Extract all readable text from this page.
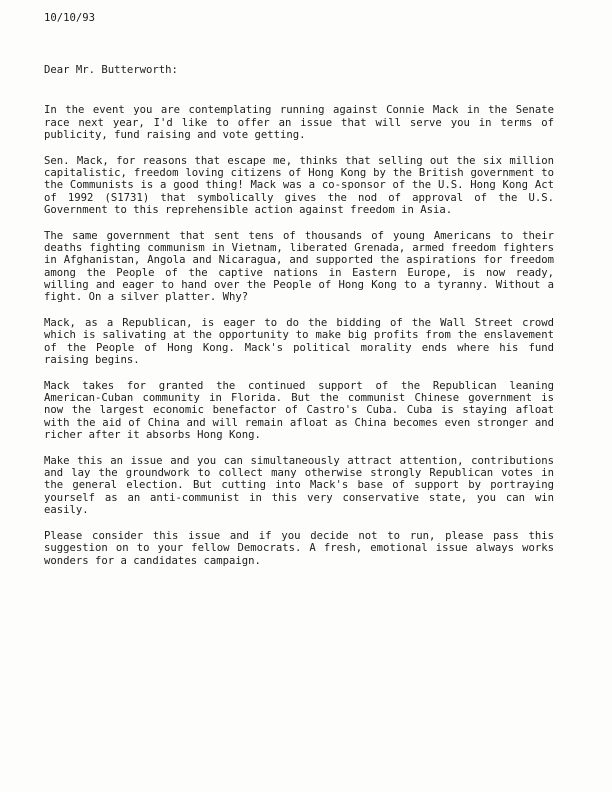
10/10/93

Dear Mr. Butterworth:

In the event you are contemplating running against Connie Mack in the Senate race next year, I'd like to offer an issue that will serve you in terms of publicity, fund raising and vote getting.

Sen. Mack, for reasons that escape me, thinks that selling out the six million capitalistic, freedom loving citizens of Hong Kong by the British government to the Communists is a good thing! Mack was a co-sponsor of the U.S. Hong Kong Act of 1992 (S1731) that symbolically gives the nod of approval of the U.S. Government to this reprehensible action against freedom in Asia.

The same government that sent tens of thousands of young Americans to their deaths fighting communism in Vietnam, liberated Grenada, armed freedom fighters in Afghanistan, Angola and Nicaragua, and supported the aspirations for freedom among the People of the captive nations in Eastern Europe, is now ready, willing and eager to hand over the People of Hong Kong to a tyranny. Without a fight. On a silver platter. Why?

Mack, as a Republican, is eager to do the bidding of the Wall Street crowd which is salivating at the opportunity to make big profits from the enslavement of the People of Hong Kong. Mack's political morality ends where his fund raising begins.

Mack takes for granted the continued support of the Republican leaning American-Cuban community in Florida. But the communist Chinese government is now the largest economic benefactor of Castro's Cuba. Cuba is staying afloat with the aid of China and will remain afloat as China becomes even stronger and richer after it absorbs Hong Kong.

Make this an issue and you can simultaneously attract attention, contributions and lay the groundwork to collect many otherwise strongly Republican votes in the general election. But cutting into Mack's base of support by portraying yourself as an anti-communist in this very conservative state, you can win easily.

Please consider this issue and if you decide not to run, please pass this suggestion on to your fellow Democrats. A fresh, emotional issue always works wonders for a candidates campaign.
